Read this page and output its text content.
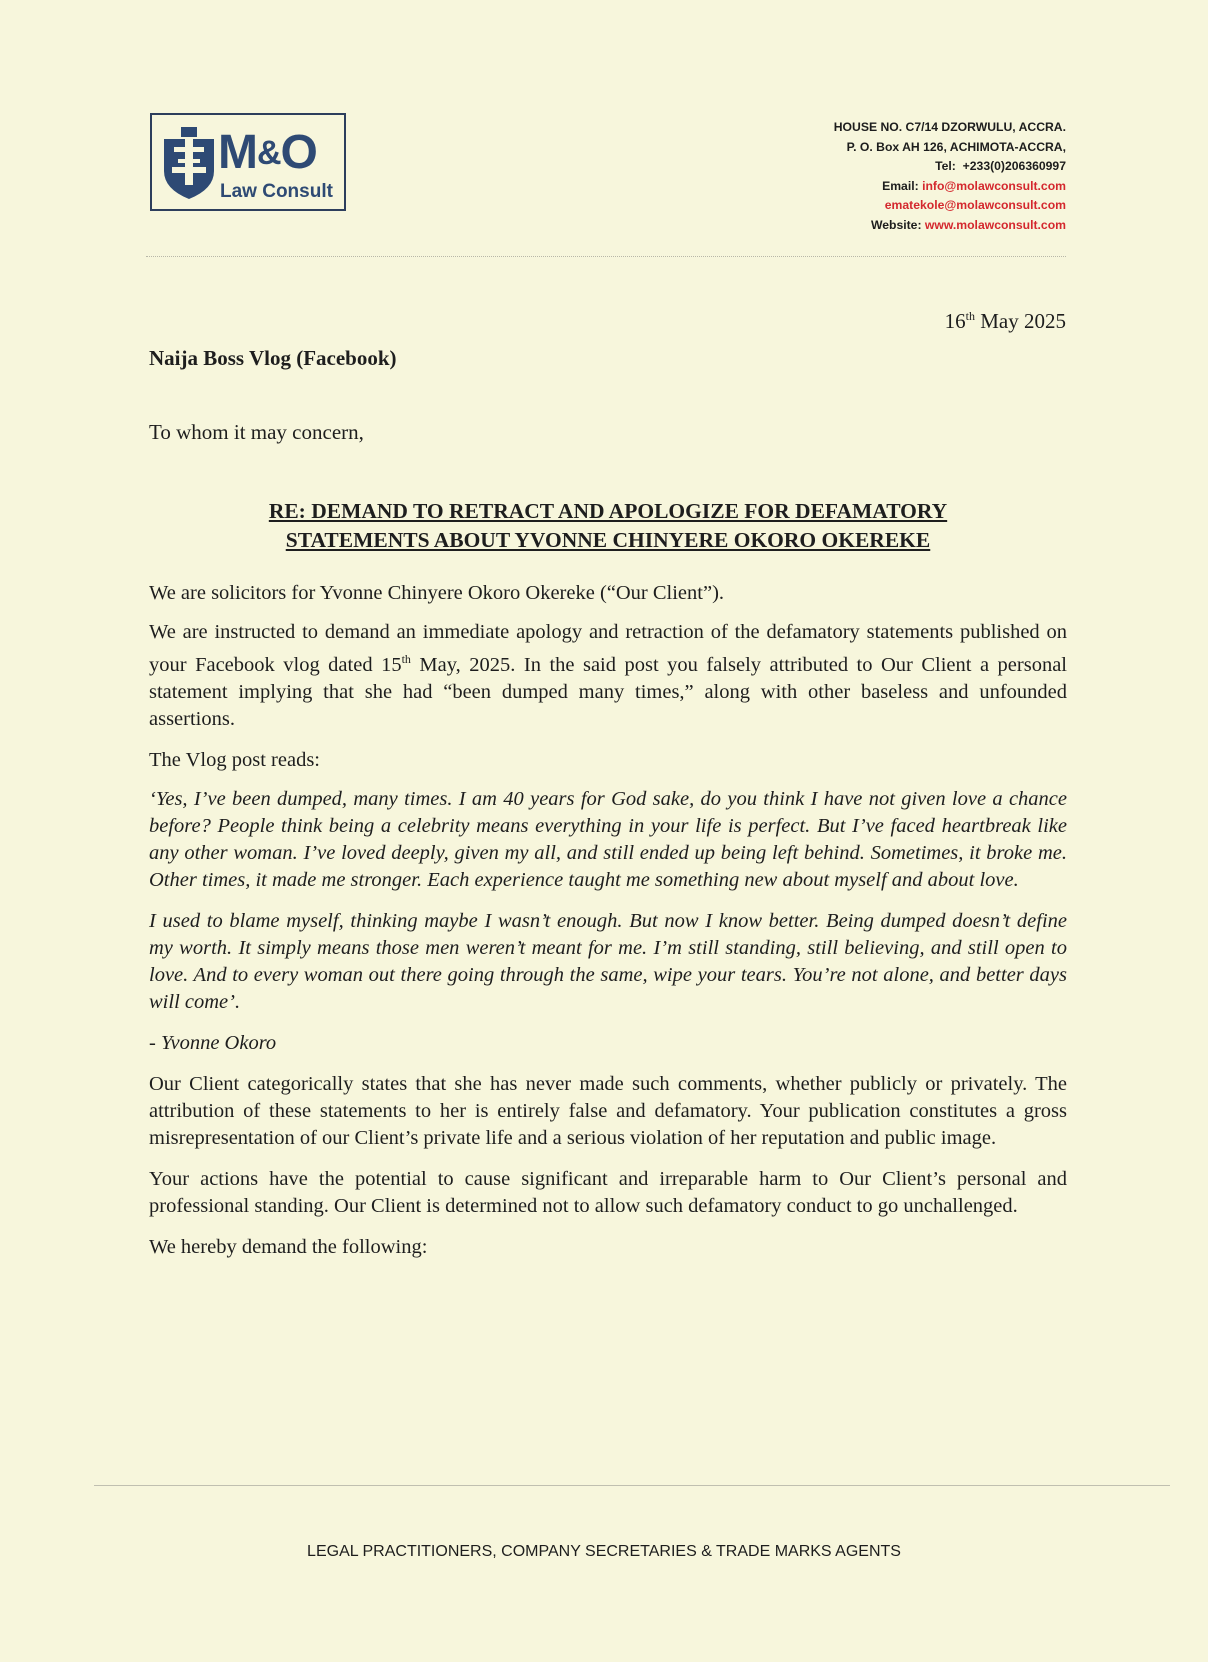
M&O
Law Consult
HOUSE NO. C7/14 DZORWULU, ACCRA.
P. O. Box AH 126, ACHIMOTA-ACCRA,
Tel: +233(0)206360997
Email: info@molawconsult.com
ematekole@molawconsult.com
Website: www.molawconsult.com
16th May 2025
Naija Boss Vlog (Facebook)
To whom it may concern,
RE: DEMAND TO RETRACT AND APOLOGIZE FOR DEFAMATORY
STATEMENTS ABOUT YVONNE CHINYERE OKORO OKEREKE

We are solicitors for Yvonne Chinyere Okoro Okereke (“Our Client”).

We are instructed to demand an immediate apology and retraction of the defamatory statements published on your Facebook vlog dated 15th May, 2025. In the said post you falsely attributed to Our Client a personal statement implying that she had “been dumped many times,” along with other baseless and unfounded assertions.

The Vlog post reads:

‘Yes, I’ve been dumped, many times. I am 40 years for God sake, do you think I have not given love a chance before? People think being a celebrity means everything in your life is perfect. But I’ve faced heartbreak like any other woman. I’ve loved deeply, given my all, and still ended up being left behind. Sometimes, it broke me. Other times, it made me stronger. Each experience taught me something new about myself and about love.

I used to blame myself, thinking maybe I wasn’t enough. But now I know better. Being dumped doesn’t define my worth. It simply means those men weren’t meant for me. I’m still standing, still believing, and still open to love. And to every woman out there going through the same, wipe your tears. You’re not alone, and better days will come’.

- Yvonne Okoro

Our Client categorically states that she has never made such comments, whether publicly or privately. The attribution of these statements to her is entirely false and defamatory. Your publication constitutes a gross misrepresentation of our Client’s private life and a serious violation of her reputation and public image.

Your actions have the potential to cause significant and irreparable harm to Our Client’s personal and professional standing. Our Client is determined not to allow such defamatory conduct to go unchallenged.

We hereby demand the following:

LEGAL PRACTITIONERS, COMPANY SECRETARIES & TRADE MARKS AGENTS
